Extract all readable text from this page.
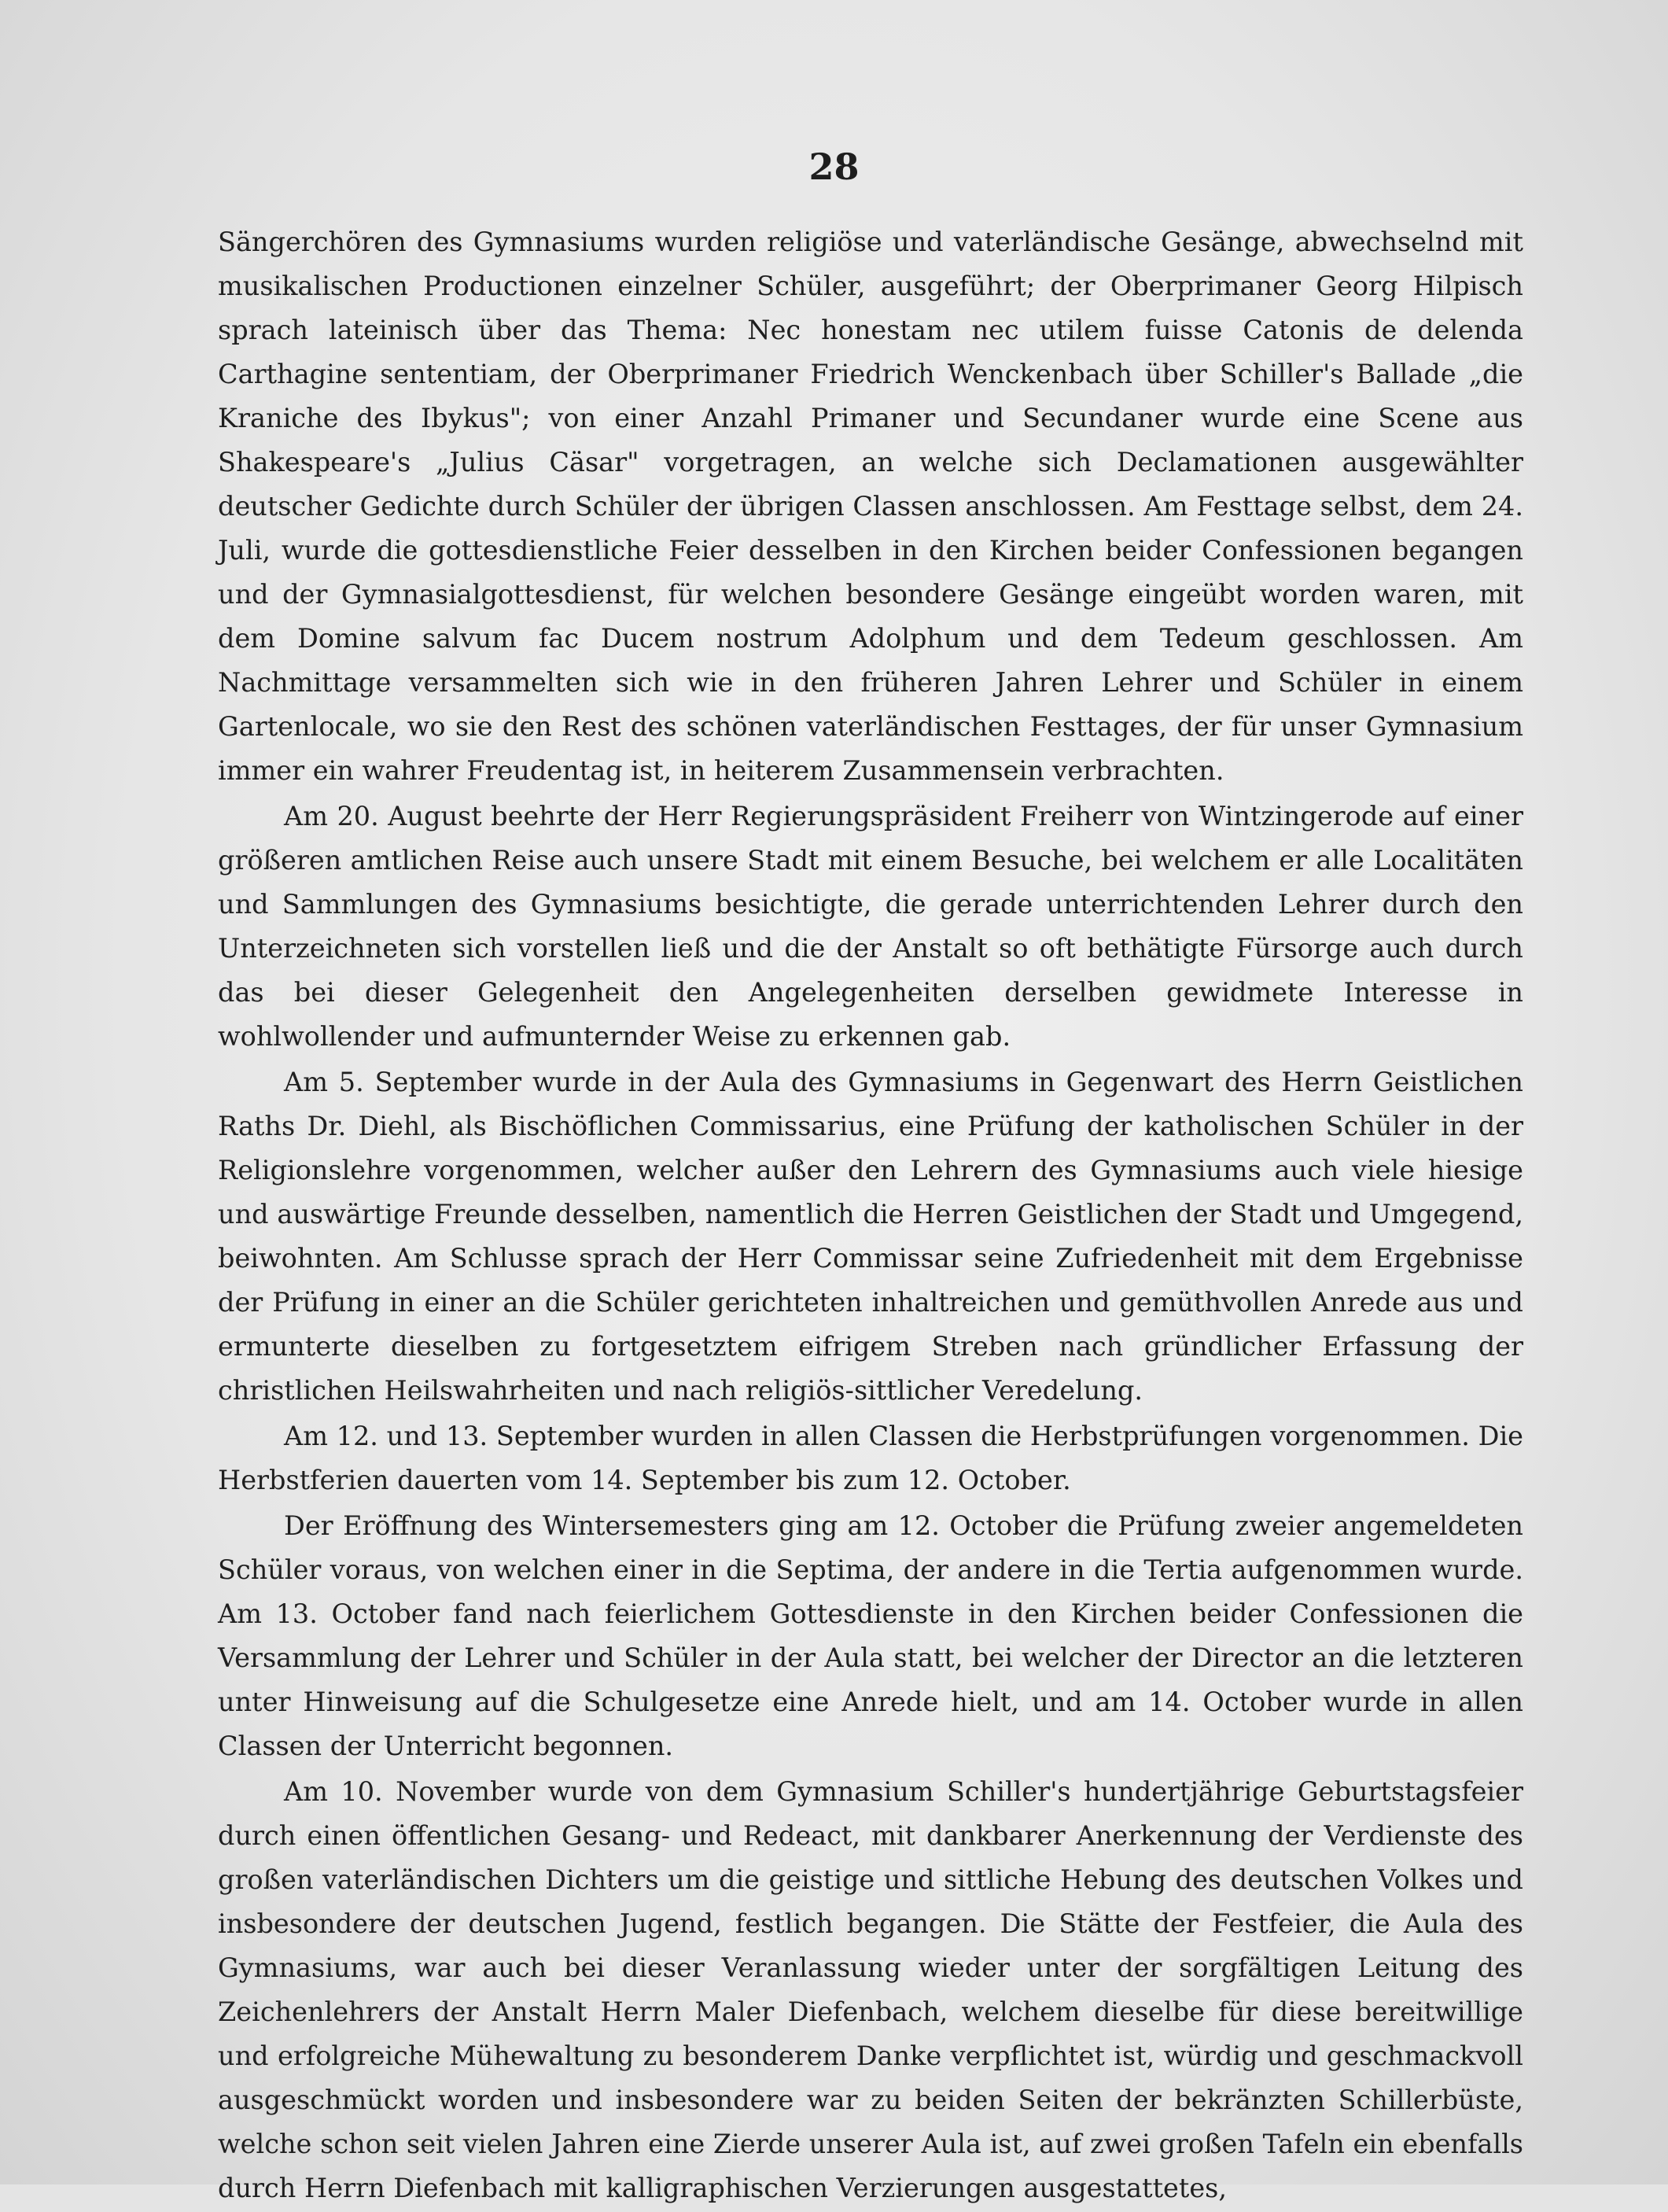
28

Sängerchören des Gymnasiums wurden religiöse und vaterländische Gesänge, abwechselnd mit musikalischen Productionen einzelner Schüler, ausgeführt; der Oberprimaner Georg Hilpisch sprach lateinisch über das Thema: Nec honestam nec utilem fuisse Catonis de delenda Carthagine sententiam, der Oberprimaner Friedrich Wenckenbach über Schiller's Ballade „die Kraniche des Ibykus"; von einer Anzahl Primaner und Secundaner wurde eine Scene aus Shakespeare's „Julius Cäsar" vorgetragen, an welche sich Declamationen ausgewählter deutscher Gedichte durch Schüler der übrigen Classen anschlossen. Am Festtage selbst, dem 24. Juli, wurde die gottesdienstliche Feier desselben in den Kirchen beider Confessionen begangen und der Gymnasialgottesdienst, für welchen besondere Gesänge eingeübt worden waren, mit dem Domine salvum fac Ducem nostrum Adolphum und dem Tedeum geschlossen. Am Nachmittage versammelten sich wie in den früheren Jahren Lehrer und Schüler in einem Gartenlocale, wo sie den Rest des schönen vaterländischen Festtages, der für unser Gymnasium immer ein wahrer Freudentag ist, in heiterem Zusammensein verbrachten.

Am 20. August beehrte der Herr Regierungspräsident Freiherr von Wintzingerode auf einer größeren amtlichen Reise auch unsere Stadt mit einem Besuche, bei welchem er alle Localitäten und Sammlungen des Gymnasiums besichtigte, die gerade unterrichtenden Lehrer durch den Unterzeichneten sich vorstellen ließ und die der Anstalt so oft bethätigte Fürsorge auch durch das bei dieser Gelegenheit den Angelegenheiten derselben gewidmete Interesse in wohlwollender und aufmunternder Weise zu erkennen gab.

Am 5. September wurde in der Aula des Gymnasiums in Gegenwart des Herrn Geistlichen Raths Dr. Diehl, als Bischöflichen Commissarius, eine Prüfung der katholischen Schüler in der Religionslehre vorgenommen, welcher außer den Lehrern des Gymnasiums auch viele hiesige und auswärtige Freunde desselben, namentlich die Herren Geistlichen der Stadt und Umgegend, beiwohnten. Am Schlusse sprach der Herr Commissar seine Zufriedenheit mit dem Ergebnisse der Prüfung in einer an die Schüler gerichteten inhaltreichen und gemüthvollen Anrede aus und ermunterte dieselben zu fortgesetztem eifrigem Streben nach gründlicher Erfassung der christlichen Heilswahrheiten und nach religiös-sittlicher Veredelung.

Am 12. und 13. September wurden in allen Classen die Herbstprüfungen vorgenommen. Die Herbstferien dauerten vom 14. September bis zum 12. October.

Der Eröffnung des Wintersemesters ging am 12. October die Prüfung zweier angemeldeten Schüler voraus, von welchen einer in die Septima, der andere in die Tertia aufgenommen wurde. Am 13. October fand nach feierlichem Gottesdienste in den Kirchen beider Confessionen die Versammlung der Lehrer und Schüler in der Aula statt, bei welcher der Director an die letzteren unter Hinweisung auf die Schulgesetze eine Anrede hielt, und am 14. October wurde in allen Classen der Unterricht begonnen.

Am 10. November wurde von dem Gymnasium Schiller's hundertjährige Geburtstagsfeier durch einen öffentlichen Gesang- und Redeact, mit dankbarer Anerkennung der Verdienste des großen vaterländischen Dichters um die geistige und sittliche Hebung des deutschen Volkes und insbesondere der deutschen Jugend, festlich begangen. Die Stätte der Festfeier, die Aula des Gymnasiums, war auch bei dieser Veranlassung wieder unter der sorgfältigen Leitung des Zeichenlehrers der Anstalt Herrn Maler Diefenbach, welchem dieselbe für diese bereitwillige und erfolgreiche Mühewaltung zu besonderem Danke verpflichtet ist, würdig und geschmackvoll ausgeschmückt worden und insbesondere war zu beiden Seiten der bekränzten Schillerbüste, welche schon seit vielen Jahren eine Zierde unserer Aula ist, auf zwei großen Tafeln ein ebenfalls durch Herrn Diefenbach mit kalligraphischen Verzierungen ausgestattetes,
